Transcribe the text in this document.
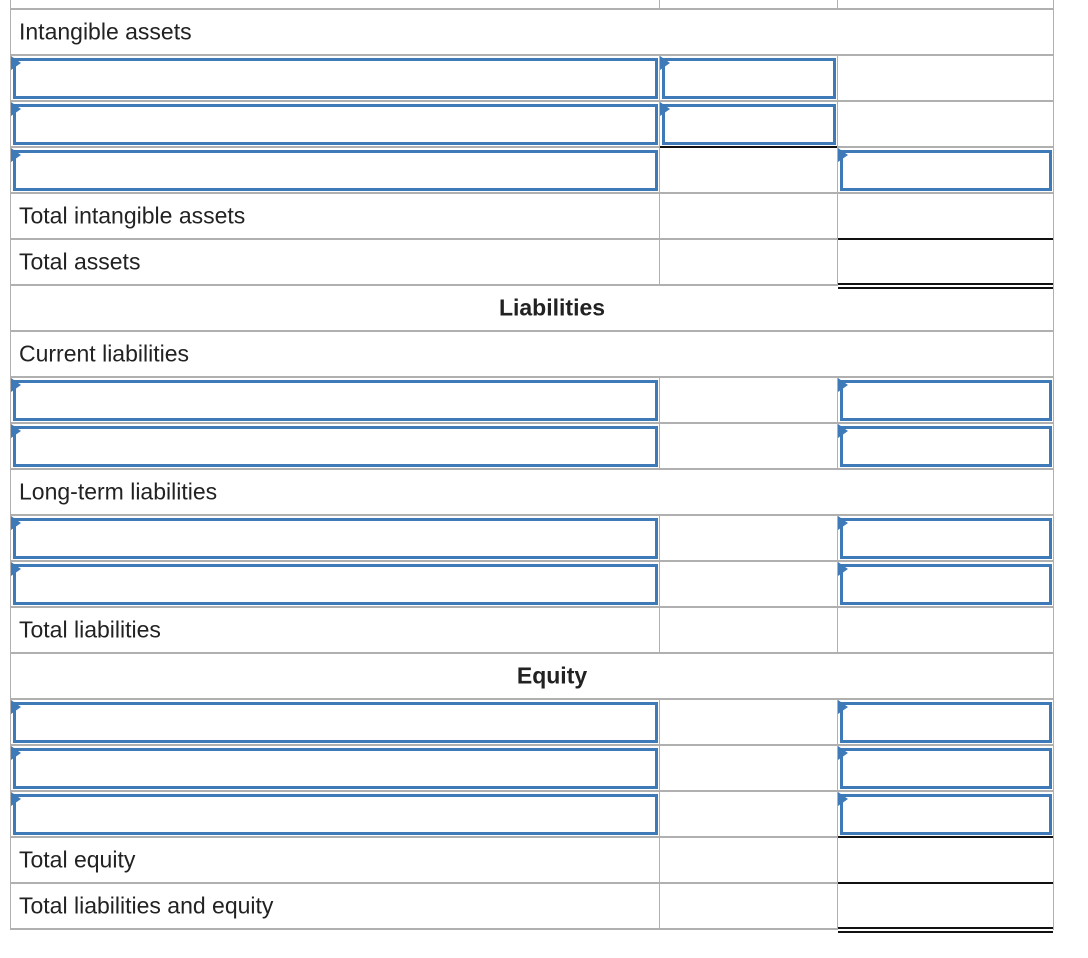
Intangible assets
Total intangible assets
Total assets
Liabilities
Current liabilities
Long-term liabilities
Total liabilities
Equity
Total equity
Total liabilities and equity
